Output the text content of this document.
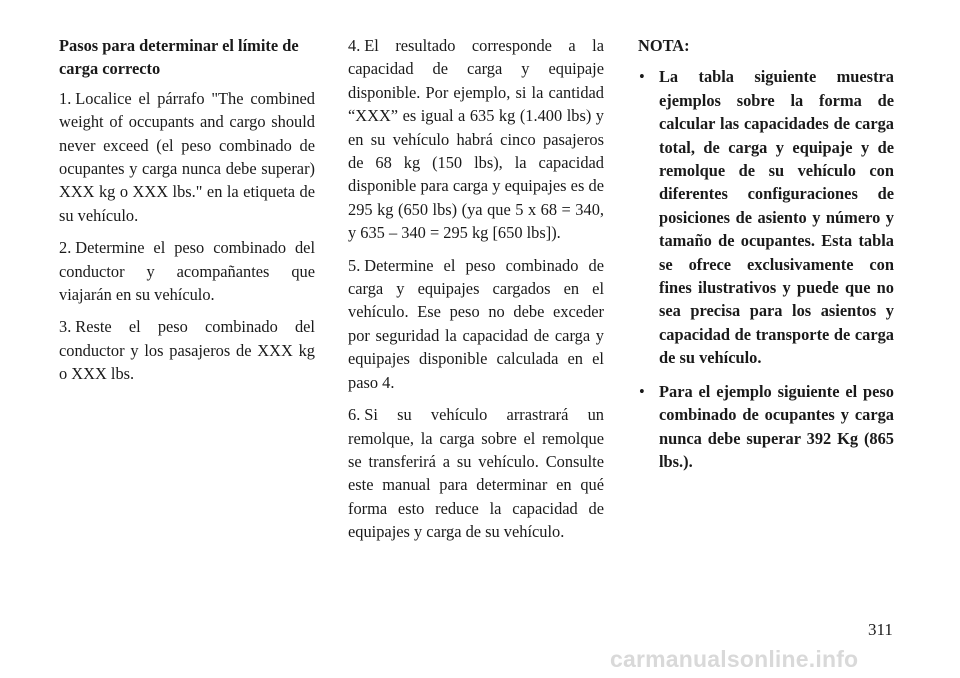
Pasos para determinar el límite de carga correcto

1. Localice el párrafo "The combined weight of occupants and cargo should never exceed (el peso combinado de ocupantes y carga nunca debe superar) XXX kg o XXX lbs." en la etiqueta de su vehículo.

2. Determine el peso combinado del conductor y acompañantes que viajarán en su vehículo.

3. Reste el peso combinado del conductor y los pasajeros de XXX kg o XXX lbs.

4. El resultado corresponde a la capacidad de carga y equipaje disponible. Por ejemplo, si la cantidad “XXX” es igual a 635 kg (1.400 lbs) y en su vehículo habrá cinco pasajeros de 68 kg (150 lbs), la capacidad disponible para carga y equipajes es de 295 kg (650 lbs) (ya que 5 x 68 = 340, y 635 – 340 = 295 kg [650 lbs]).

5. Determine el peso combinado de carga y equipajes cargados en el vehículo. Ese peso no debe exceder por seguridad la capacidad de carga y equipajes disponible calculada en el paso 4.

6. Si su vehículo arrastrará un remolque, la carga sobre el remolque se transferirá a su vehículo. Consulte este manual para determinar en qué forma esto reduce la capacidad de equipajes y carga de su vehículo.

NOTA:

• La tabla siguiente muestra ejemplos sobre la forma de calcular las capacidades de carga total, de carga y equipaje y de remolque de su vehículo con diferentes configuraciones de posiciones de asiento y número y tamaño de ocupantes. Esta tabla se ofrece exclusivamente con fines ilustrativos y puede que no sea precisa para los asientos y capacidad de transporte de carga de su vehículo.

• Para el ejemplo siguiente el peso combinado de ocupantes y carga nunca debe superar 392 Kg (865 lbs.).

311
carmanualsonline.info
